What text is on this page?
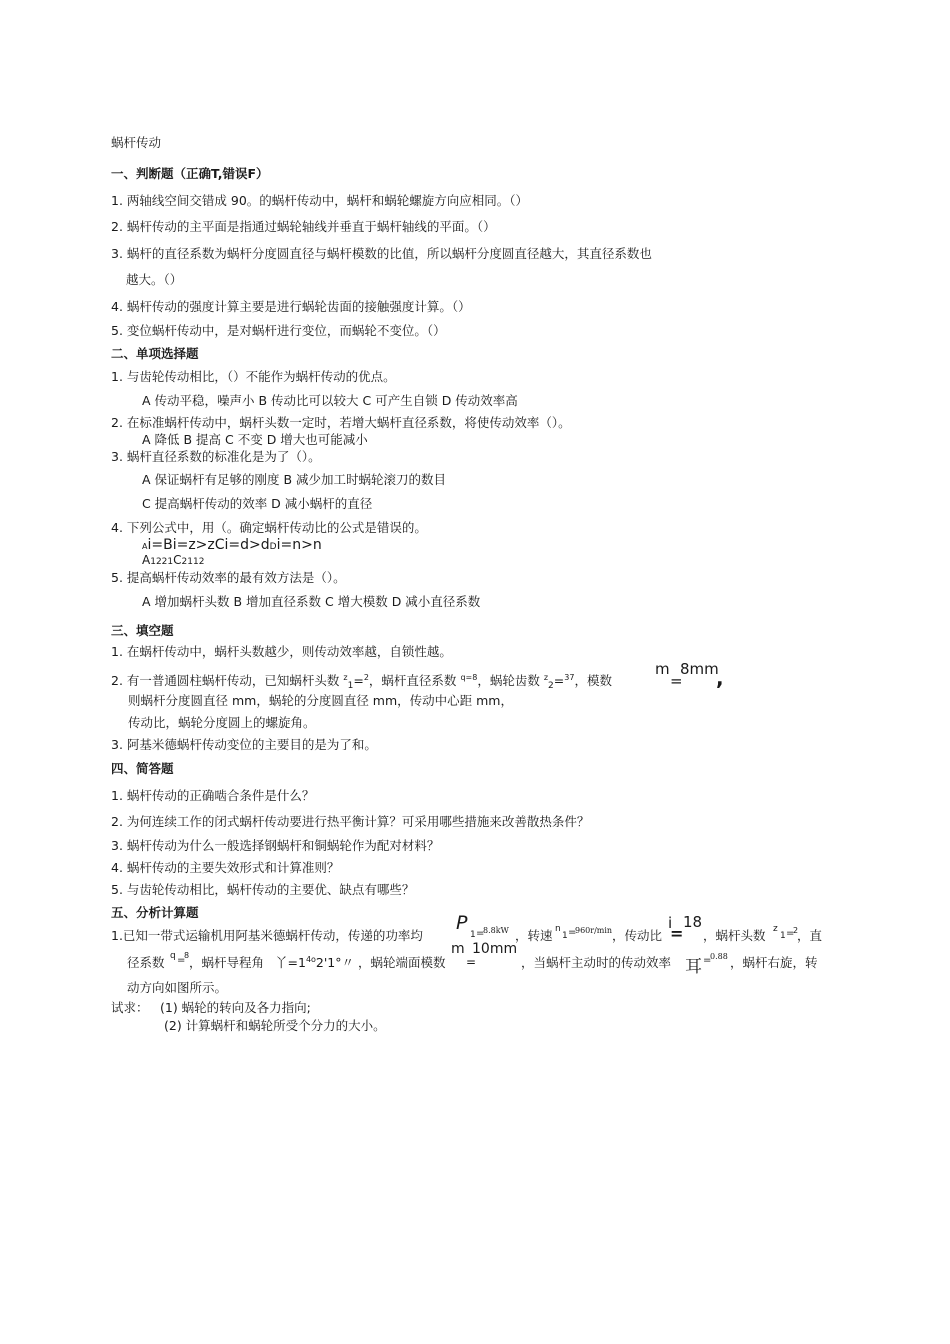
蜗杆传动
一、判断题（正确T,错误F）
1. 两轴线空间交错成 90。的蜗杆传动中，蜗杆和蜗轮螺旋方向应相同。（）
2. 蜗杆传动的主平面是指通过蜗轮轴线并垂直于蜗杆轴线的平面。（）
3. 蜗杆的直径系数为蜗杆分度圆直径与蜗杆模数的比值，所以蜗杆分度圆直径越大，其直径系数也
越大。（）
4. 蜗杆传动的强度计算主要是进行蜗轮齿面的接触强度计算。（）
5. 变位蜗杆传动中，是对蜗杆进行变位，而蜗轮不变位。（）
二、单项选择题
1. 与齿轮传动相比，（）不能作为蜗杆传动的优点。
A 传动平稳，噪声小 B 传动比可以较大 C 可产生自锁 D 传动效率高
2. 在标准蜗杆传动中，蜗杆头数一定时，若增大蜗杆直径系数，将使传动效率（）。
A 降低 B 提高 C 不变 D 增大也可能减小
3. 蜗杆直径系数的标准化是为了（）。
A 保证蜗杆有足够的刚度 B 减少加工时蜗轮滚刀的数目
C 提高蜗杆传动的效率 D 减小蜗杆的直径
4. 下列公式中，用（。确定蜗杆传动比的公式是错误的。
Ai=Bi=z>zCi=d>dDi=n>n
A1221C2112
5. 提高蜗杆传动效率的最有效方法是（）。
A 增加蜗杆头数 B 增加直径系数 C 增大模数 D 减小直径系数
三、填空题
1. 在蜗杆传动中，蜗杆头数越少，则传动效率越，自锁性越。
2. 有一普通圆柱蜗杆传动，已知蜗杆头数 $^z_1$=$^2$，蜗杆直径系数 $^{q=8}$，蜗轮齿数 $^z_2$=$^{37}$，模数
m
=
8mm
,
则蜗杆分度圆直径 mm，蜗轮的分度圆直径 mm，传动中心距 mm，
传动比，蜗轮分度圆上的螺旋角。
3. 阿基米德蜗杆传动变位的主要目的是为了和。
四、简答题
1. 蜗杆传动的正确啮合条件是什么？
2. 为何连续工作的闭式蜗杆传动要进行热平衡计算？可采用哪些措施来改善散热条件？
3. 蜗杆传动为什么一般选择钢蜗杆和铜蜗轮作为配对材料？
4. 蜗杆传动的主要失效形式和计算准则？
5. 与齿轮传动相比，蜗杆传动的主要优、缺点有哪些？
五、分析计算题
1.已知一带式运输机用阿基米德蜗杆传动，传递的功率均
P
1 =
8.8kW ，转速 n
1 =
960r/min ，传动比
i
=
18
，蜗杆头数 z
1 =
2
，直
径系数 q =
8 ，蜗杆导程角 丫$=1^{4o}2'1^\circ$〃 ，蜗轮端面模数
m
=
10mm
，当蜗杆主动时的传动效率 耳 =
0.88 ，蜗杆右旋，转
动方向如图所示。
试求： (1) 蜗轮的转向及各力指向;
(2) 计算蜗杆和蜗轮所受个分力的大小。
